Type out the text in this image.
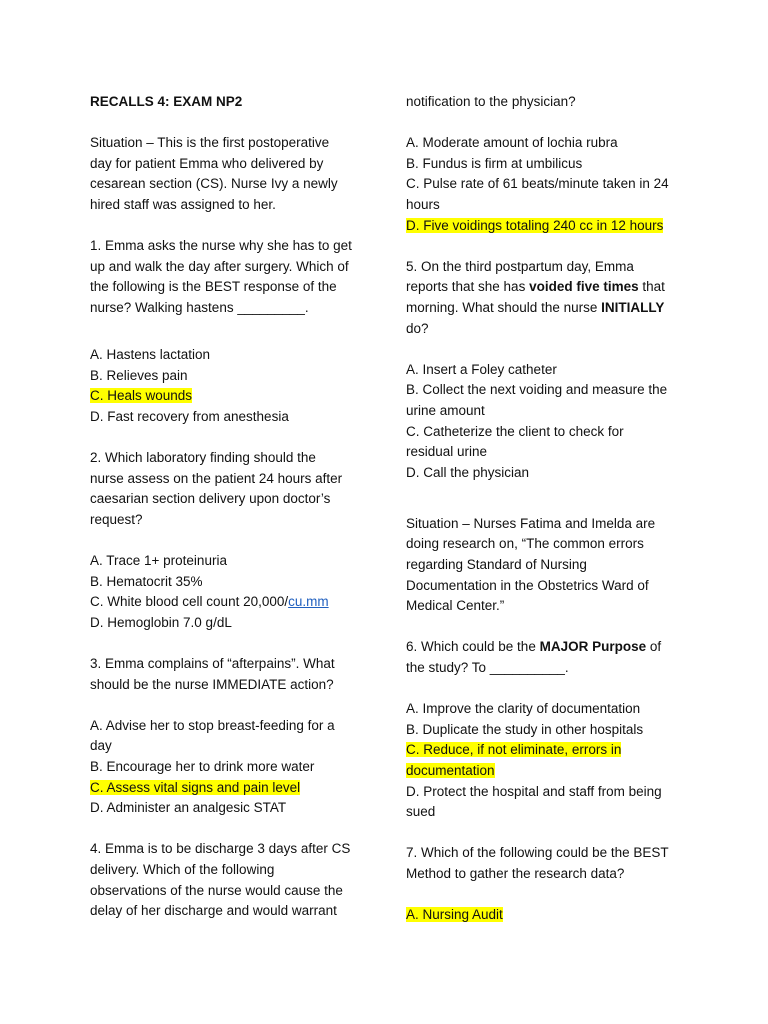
RECALLS 4: EXAM NP2
Situation – This is the first postoperative
day for patient Emma who delivered by
cesarean section (CS). Nurse Ivy a newly
hired staff was assigned to her.
1. Emma asks the nurse why she has to get
up and walk the day after surgery. Which of
the following is the BEST response of the
nurse? Walking hastens _________.
A. Hastens lactation
B. Relieves pain
C. Heals wounds
D. Fast recovery from anesthesia
2. Which laboratory finding should the
nurse assess on the patient 24 hours after
caesarian section delivery upon doctor’s
request?
A. Trace 1+ proteinuria
B. Hematocrit 35%
C. White blood cell count 20,000/cu.mm
D. Hemoglobin 7.0 g/dL
3. Emma complains of “afterpains”. What
should be the nurse IMMEDIATE action?
A. Advise her to stop breast-feeding for a
day
B. Encourage her to drink more water
C. Assess vital signs and pain level
D. Administer an analgesic STAT
4. Emma is to be discharge 3 days after CS
delivery. Which of the following
observations of the nurse would cause the
delay of her discharge and would warrant
notification to the physician?
A. Moderate amount of lochia rubra
B. Fundus is firm at umbilicus
C. Pulse rate of 61 beats/minute taken in 24
hours
D. Five voidings totaling 240 cc in 12 hours
5. On the third postpartum day, Emma
reports that she has voided five times that
morning. What should the nurse INITIALLY
do?
A. Insert a Foley catheter
B. Collect the next voiding and measure the
urine amount
C. Catheterize the client to check for
residual urine
D. Call the physician
Situation – Nurses Fatima and Imelda are
doing research on, “The common errors
regarding Standard of Nursing
Documentation in the Obstetrics Ward of
Medical Center.”
6. Which could be the MAJOR Purpose of
the study? To __________.
A. Improve the clarity of documentation
B. Duplicate the study in other hospitals
C. Reduce, if not eliminate, errors in
documentation
D. Protect the hospital and staff from being
sued
7. Which of the following could be the BEST
Method to gather the research data?
A. Nursing Audit
